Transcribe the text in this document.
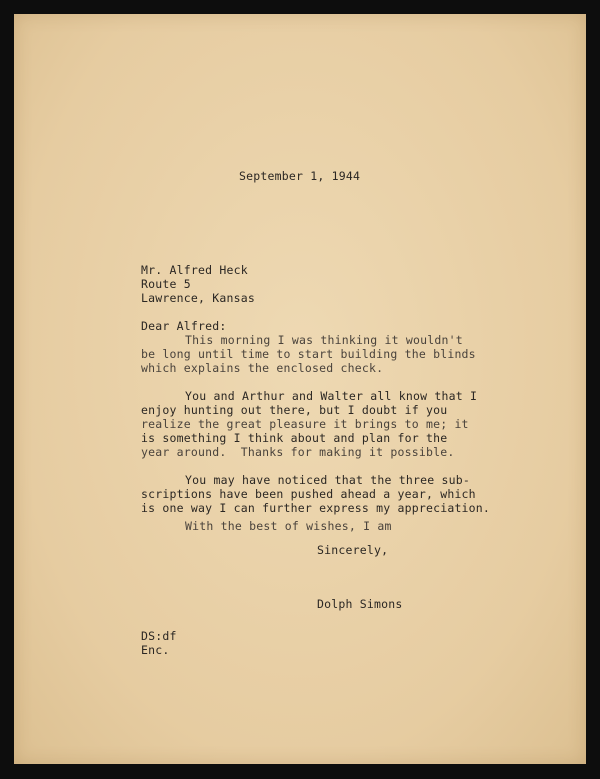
September 1, 1944
Mr. Alfred Heck
Route 5
Lawrence, Kansas
Dear Alfred:
This morning I was thinking it wouldn't
be long until time to start building the blinds
which explains the enclosed check.
You and Arthur and Walter all know that I
enjoy hunting out there, but I doubt if you
realize the great pleasure it brings to me; it
is something I think about and plan for the
year around.  Thanks for making it possible.
You may have noticed that the three sub-
scriptions have been pushed ahead a year, which
is one way I can further express my appreciation.
With the best of wishes, I am
Sincerely,
Dolph Simons
DS:df
Enc.
